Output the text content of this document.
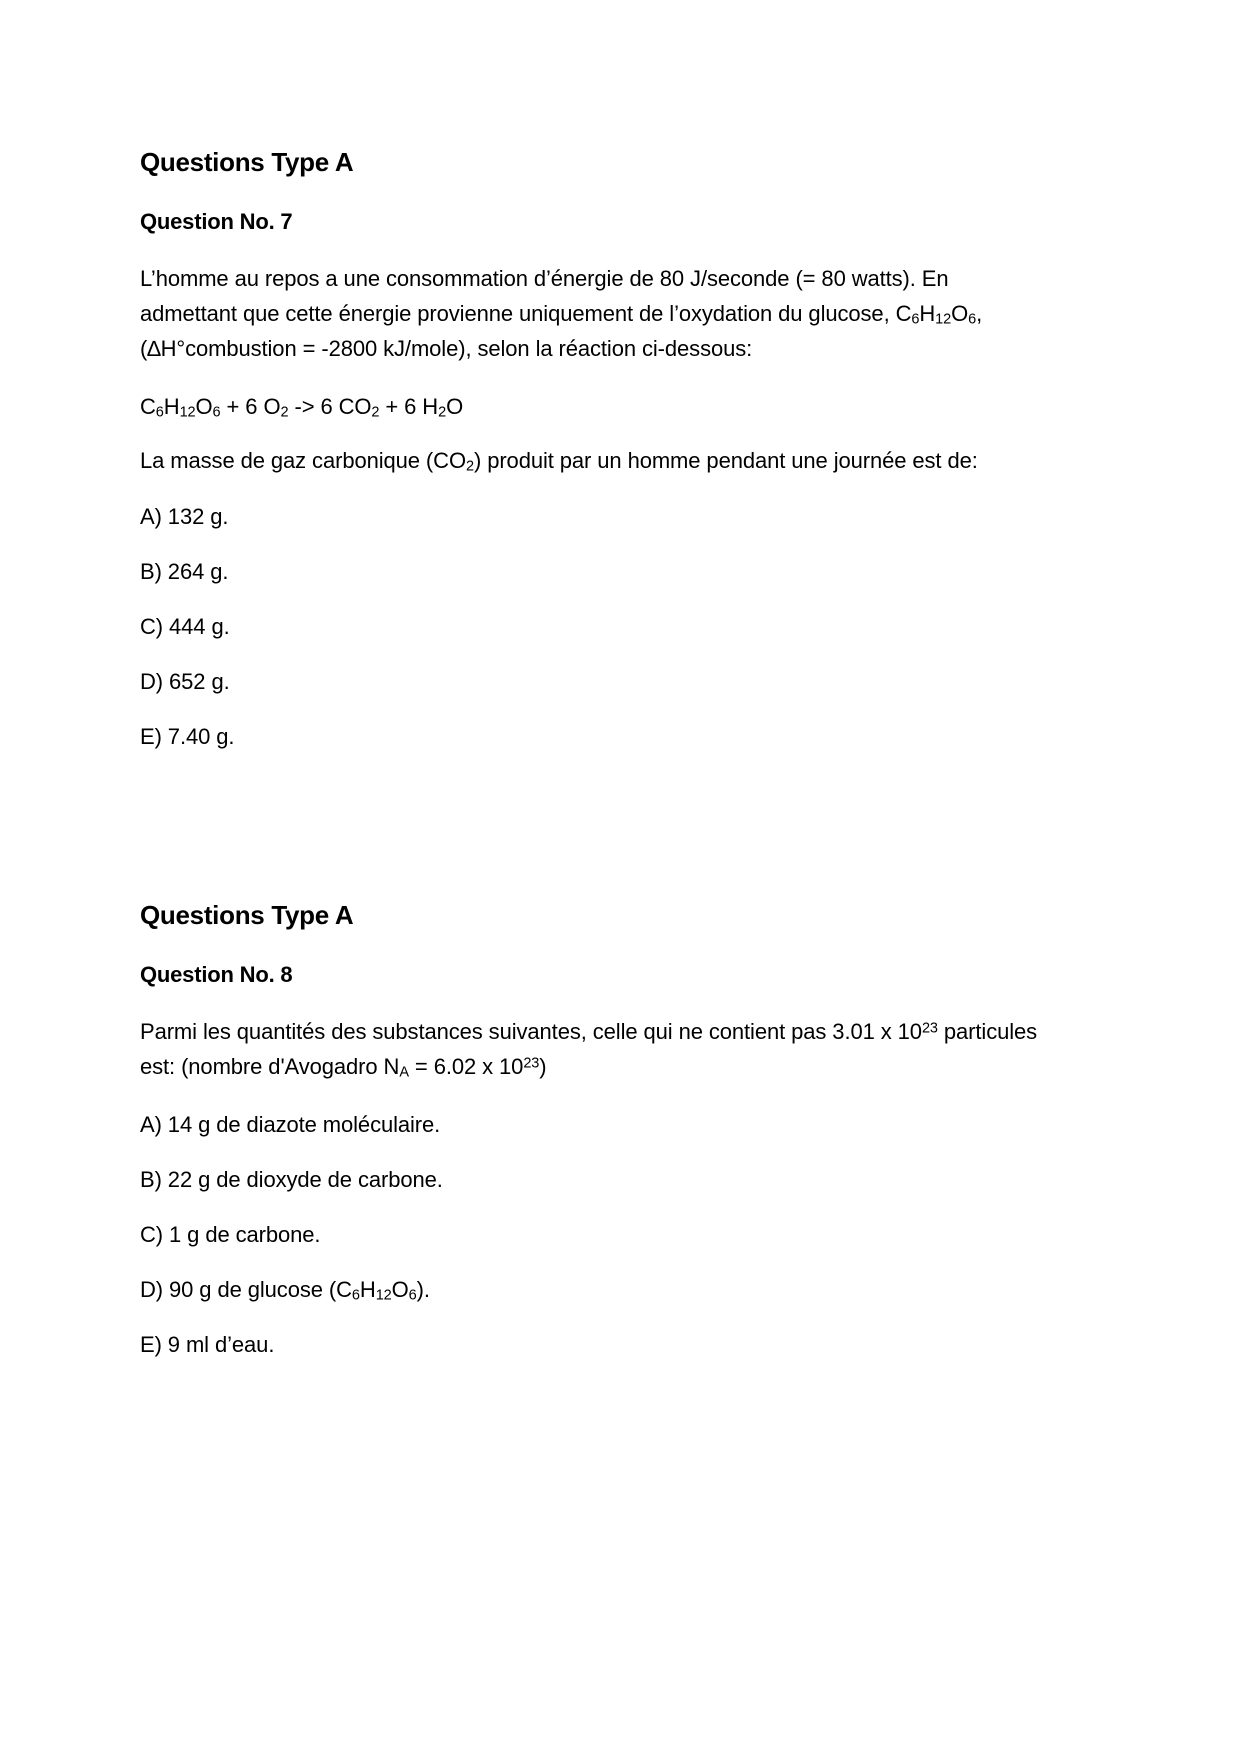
Questions Type A
Question No. 7
L’homme au repos a une consommation d’énergie de 80 J/seconde (= 80 watts). En
admettant que cette énergie provienne uniquement de l’oxydation du glucose, $C_6H_{12}O_6$,
(∆H°combustion = -2800 kJ/mole), selon la réaction ci-dessous:
$C_6H_{12}O_6 + 6$ $O_2 -> 6$ $CO_2 + 6$ $H_2O$
La masse de gaz carbonique $(CO_2)$ produit par un homme pendant une journée est de:
A) 132 g.
B) 264 g.
C) 444 g.
D) 652 g.
E) 7.40 g.
Questions Type A
Question No. 8
Parmi les quantités des substances suivantes, celle qui ne contient pas 3.01 x $10^{23}$ particules
est: (nombre d'Avogadro $N_A = 6.02$ x $10^{23}$)
A) 14 g de diazote moléculaire.
B) 22 g de dioxyde de carbone.
C) 1 g de carbone.
D) 90 g de glucose $(C_6H_{12}O_6)$.
E) 9 ml d’eau.
